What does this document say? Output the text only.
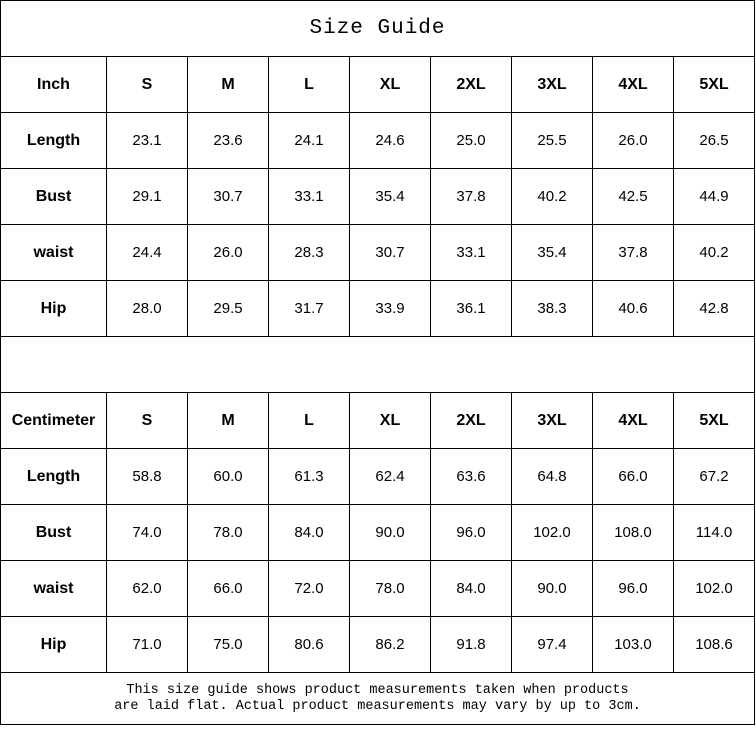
Size Guide								
Inch	S	M	L	XL	2XL	3XL	4XL	5XL
Length	23.1	23.6	24.1	24.6	25.0	25.5	26.0	26.5
Bust	29.1	30.7	33.1	35.4	37.8	40.2	42.5	44.9
waist	24.4	26.0	28.3	30.7	33.1	35.4	37.8	40.2
Hip	28.0	29.5	31.7	33.9	36.1	38.3	40.6	42.8

Centimeter	S	M	L	XL	2XL	3XL	4XL	5XL
Length	58.8	60.0	61.3	62.4	63.6	64.8	66.0	67.2
Bust	74.0	78.0	84.0	90.0	96.0	102.0	108.0	114.0
waist	62.0	66.0	72.0	78.0	84.0	90.0	96.0	102.0
Hip	71.0	75.0	80.6	86.2	91.8	97.4	103.0	108.6

This size guide shows product measurements taken when products
are laid flat. Actual product measurements may vary by up to 3cm.								
